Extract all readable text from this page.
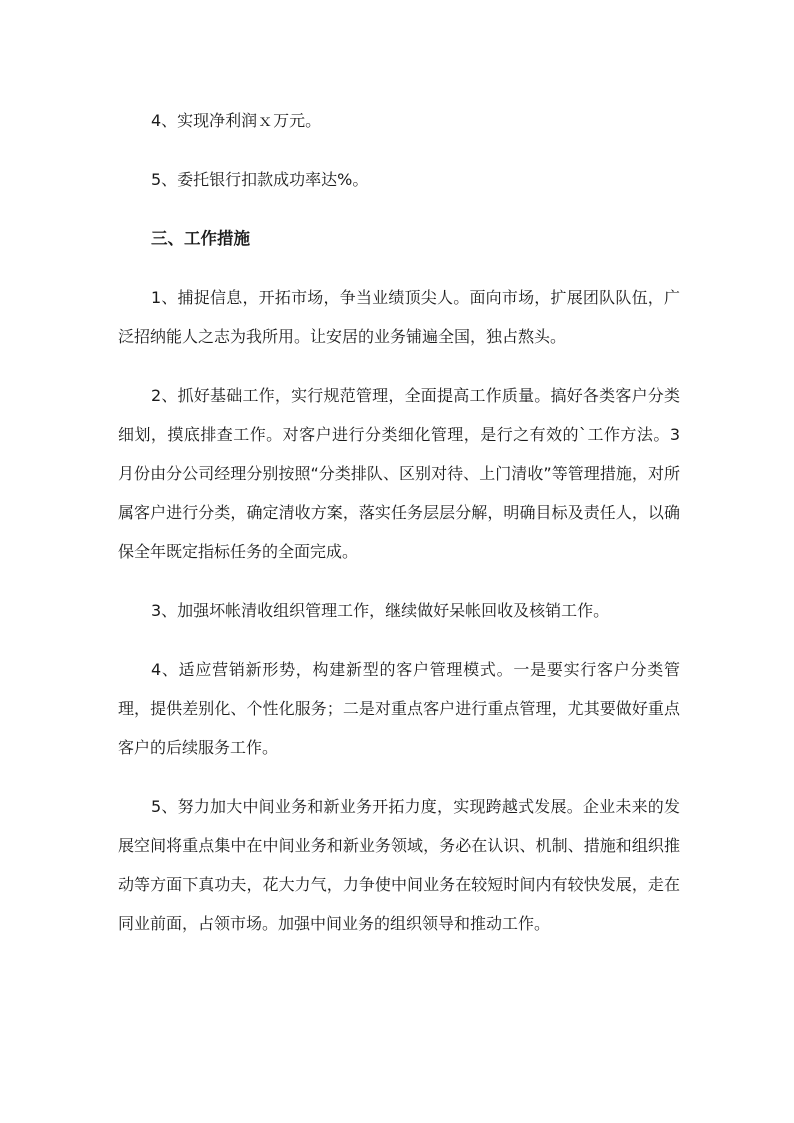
4、实现净利润ｘ万元。

5、委托银行扣款成功率达%。

三、工作措施

1、捕捉信息，开拓市场，争当业绩顶尖人。面向市场，扩展团队队伍，广泛招纳能人之志为我所用。让安居的业务铺遍全国，独占熬头。

2、抓好基础工作，实行规范管理，全面提高工作质量。搞好各类客户分类细划，摸底排查工作。对客户进行分类细化管理，是行之有效的`工作方法。3月份由分公司经理分别按照“分类排队、区别对待、上门清收”等管理措施，对所属客户进行分类，确定清收方案，落实任务层层分解，明确目标及责任人，以确保全年既定指标任务的全面完成。

3、加强坏帐清收组织管理工作，继续做好呆帐回收及核销工作。

4、适应营销新形势，构建新型的客户管理模式。一是要实行客户分类管理，提供差别化、个性化服务；二是对重点客户进行重点管理，尤其要做好重点客户的后续服务工作。

5、努力加大中间业务和新业务开拓力度，实现跨越式发展。企业未来的发展空间将重点集中在中间业务和新业务领域，务必在认识、机制、措施和组织推动等方面下真功夫，花大力气，力争使中间业务在较短时间内有较快发展，走在同业前面，占领市场。加强中间业务的组织领导和推动工作。
